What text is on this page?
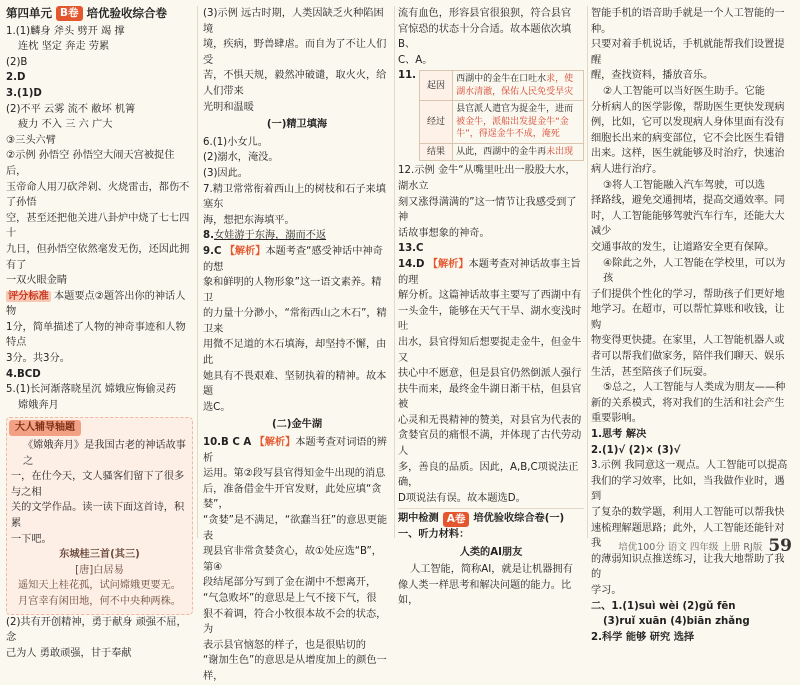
第四单元 B卷 培优验收综合卷

1.(1)麟身 斧头 劈开 竭 撑

连枕 坚定 奔走 劳累

(2)B

2.D

3.(1)D

(2)不平 云雾 流不 敝坏 机箐

疲力 不入 三 六 广大

③三头六臂

②示例 孙悟空 孙悟空大闹天宫被捉住后，

玉帝命人用刀砍斧剁、火烧雷击，都伤不了孙悟

空，甚至还把他关进八卦炉中烧了七七四十

九日，但孙悟空依然毫发无伤，还因此拥有了

一双火眼金睛

评分标准 本题要点②题答出你的神话人物

1分，简单描述了人物的神奇事迹和人物特点

3分。共3分。

4.BCD

5.(1)长河渐落晓星沉 嫦娥应悔偷灵药

嫦娥奔月

大人辅导轴题

《嫦娥奔月》是我国古老的神话故事之

一，在仕今天，文人骚客们留下了很多与之相

关的文学作品。读一读下面这首诗，积累

一下吧。

东城桂三首(其三)

[唐]白居易

遥知天上桂花孤，试问嫦娥更要无。

月宫幸有闲田地，何不中央种两株。

(2)共有开创精神，勇于献身 顽强不屈，念

己为人 勇敢顽强，甘于奉献

(3)示例 远古时期，人类因缺乏火种陷困境

境，疾病，野兽肆虐。而自为了不让人们受

苦，不惧天规，毅然冲破谴，取火火，给人们带来

光明和温暖

(一)精卫填海

6.(1)小女儿。

(2)溺水，淹没。

(3)因此。

7.精卫常常衔着西山上的树枝和石子来填塞东

海，想把东海填平。

8.女娃游于东海，溺而不返

9.C 【解析】本题考查“感受神话中神奇的想

象和鲜明的人物形象”这一语文素养。精卫

的力量十分渺小，“常衔西山之木石”，精卫来

用微不足道的木石填海，却坚持不懈，由此

她具有不畏艰难、坚韧执着的精神。故本题

选C。

(二)金牛湖

10.B C A 【解析】本题考查对词语的辨析

运用。第②段写县官得知金牛出现的消息

后，准备借金牛开官发财，此处应填“贪婪”，

“贪婪”是不满足，“欲蠢当狂”的意思更能表

现县官非常贪婪贪心，故①处应选“B”，第④

段结尾部分写到了金在湖中不想离开，

“气急败坏”的意思是上气不接下气，很

狠不着调，符合小牧很本故不会的状态，为

表示县官恼怒的样子，也是很贴切的

“谢加生色”的意思是从增度加上的颜色一样，

流有血色，形容县官很狼狈，符合县官

官惊恐的状态十分合适。故本题依次填B、

C、A。

11.
起因	西湖中的金牛在口吐水求，使湖水清澈，保佑人民免受旱灾
经过	县官派人遣官为捉金牛，进而被金牛，派船出发捉金牛“金牛”，得逞金牛不成，淹死
结果	从此，西湖中的金牛再未出现

12.示例 金牛“从嘴里吐出一股股大水，湖水立

刻又涨得满满的”这一情节让我感受到了神

话故事想象的神奇。

13.C

14.D 【解析】本题考查对神话故事主旨的理

解分析。这篇神话故事主要写了西湖中有

一头金牛，能够在天气干旱、湖水变浅时吐

出水，县官得知后想要捉走金牛，但金牛又

扶心中不愿意，但是县官仍然倒派人强行

扶牛而来，最终金牛湖日渐干枯，但县官被

心灵和无畏精神的赞美，对县官为代表的

贪婪官员的痛恨不满，并体现了古代劳动人

多，善良的品质。因此，A,B,C项说法正确，

D项说法有误。故本题选D。

期中检测 A卷 培优验收综合卷(一)

一、听力材料：

人类的AI朋友

人工智能，简称AI，就是让机器拥有

像人类一样思考和解决问题的能力。比如，

智能手机的语音助手就是一个人工智能的一种。

只要对着手机说话，手机就能帮我们设置提醒

醒，查找资料，播放音乐。

②人工智能可以当好医生助手。它能

分析病人的医学影像，帮助医生更快发现病

例，比如，它可以发现病人身体里面有没有

细胞长出来的病变部位，它不会比医生看错

出来。这样，医生就能够及时治疗，快速治

病人进行治疗。

③将人工智能融入汽车驾驶，可以选

择路线，避免交通拥堵，提高交通效率。同

时，人工智能能够驾驶汽车行车，还能大大减少

交通事故的发生，让道路安全更有保障。

④除此之外，人工智能在学校里，可以为孩

子们提供个性化的学习，帮助孩子们更好地

地学习。在超市，可以帮忙算账和收钱，让购

物变得更快捷。在家里，人工智能机器人或

者可以帮我们做家务，陪伴我们聊天、娱乐

生活，甚至陪孩子们玩耍。

⑤总之，人工智能与人类成为朋友——种

新的关系模式，将对我们的生活和社会产生

重要影响。

1.思考 解决

2.(1)√ (2)× (3)√

3.示例 我同意这一观点。人工智能可以提高

我们的学习效率，比如，当我做作业时，遇到

了复杂的数学题，利用人工智能可以帮我快

速梳理解题思路；此外，人工智能还能针对我

的薄弱知识点推送练习，让我大地帮助了我的

学习。

二、1.(1)suì wèi (2)gǔ fēn

(3)ruǐ xuān (4)biān zhǎng

2.科学 能够 研究 选择

培优100分 语文 四年级 上册 RJ版 59
